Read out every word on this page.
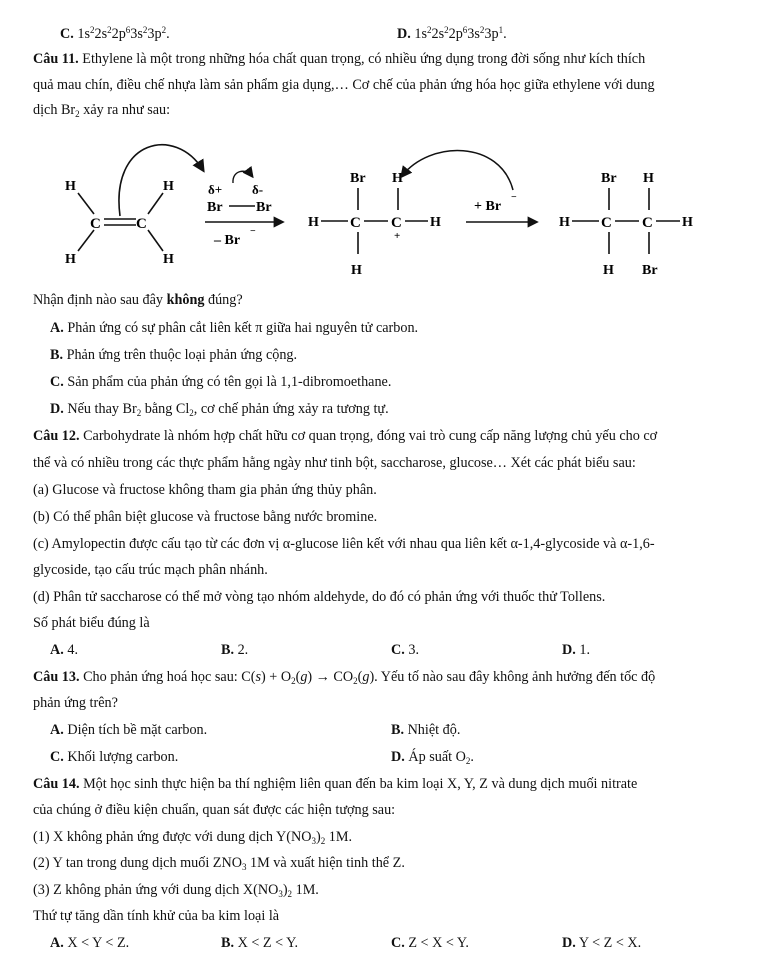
C. $1s^22s^22p^63s^23p^2$.	D. $1s^22s^22p^63s^23p^1$.
Câu 11. Ethylene là một trong những hóa chất quan trọng, có nhiều ứng dụng trong đời sống như kích thích
quả mau chín, điều chế nhựa làm sản phẩm gia dụng,… Cơ chế của phản ứng hóa học giữa ethylene với dung
dịch $Br_2$ xảy ra như sau:
H	H
H	H
C C
δ+ δ-
Br Br
– Br
−
Br H
H C C
+
H
H
+ Br
−
Br H
H C C H
H Br
Nhận định nào sau đây không đúng?
A. Phản ứng có sự phân cắt liên kết π giữa hai nguyên tử carbon.
B. Phản ứng trên thuộc loại phản ứng cộng.
C. Sản phẩm của phản ứng có tên gọi là 1,1-dibromoethane.
D. Nếu thay $Br_2$ bằng $Cl_2$, cơ chế phản ứng xảy ra tương tự.
Câu 12. Carbohydrate là nhóm hợp chất hữu cơ quan trọng, đóng vai trò cung cấp năng lượng chủ yếu cho cơ
thể và có nhiều trong các thực phẩm hằng ngày như tinh bột, saccharose, glucose… Xét các phát biểu sau:
(a) Glucose và fructose không tham gia phản ứng thủy phân.
(b) Có thể phân biệt glucose và fructose bằng nước bromine.
(c) Amylopectin được cấu tạo từ các đơn vị α-glucose liên kết với nhau qua liên kết α-1,4-glycoside và α-1,6-
glycoside, tạo cấu trúc mạch phân nhánh.
(d) Phân tử saccharose có thể mở vòng tạo nhóm aldehyde, do đó có phản ứng với thuốc thử Tollens.
Số phát biểu đúng là
A. 4.	B. 2.	C. 3.	D. 1.
Câu 13. Cho phản ứng hoá học sau: $C(s) + O_2(g) \to CO_2(g)$. Yếu tố nào sau đây không ảnh hưởng đến tốc độ
phản ứng trên?
A. Diện tích bề mặt carbon.	B. Nhiệt độ.
C. Khối lượng carbon.	D. Áp suất $O_2$.
Câu 14. Một học sinh thực hiện ba thí nghiệm liên quan đến ba kim loại X, Y, Z và dung dịch muối nitrate
của chúng ở điều kiện chuẩn, quan sát được các hiện tượng sau:
(1) X không phản ứng được với dung dịch $Y(NO_3)_2$ 1M.
(2) Y tan trong dung dịch muối $ZNO_3$ 1M và xuất hiện tinh thể Z.
(3) Z không phản ứng với dung dịch $X(NO_3)_2$ 1M.
Thứ tự tăng dần tính khử của ba kim loại là
A. X < Y < Z.	B. X < Z < Y.	C. Z < X < Y.	D. Y < Z < X.
